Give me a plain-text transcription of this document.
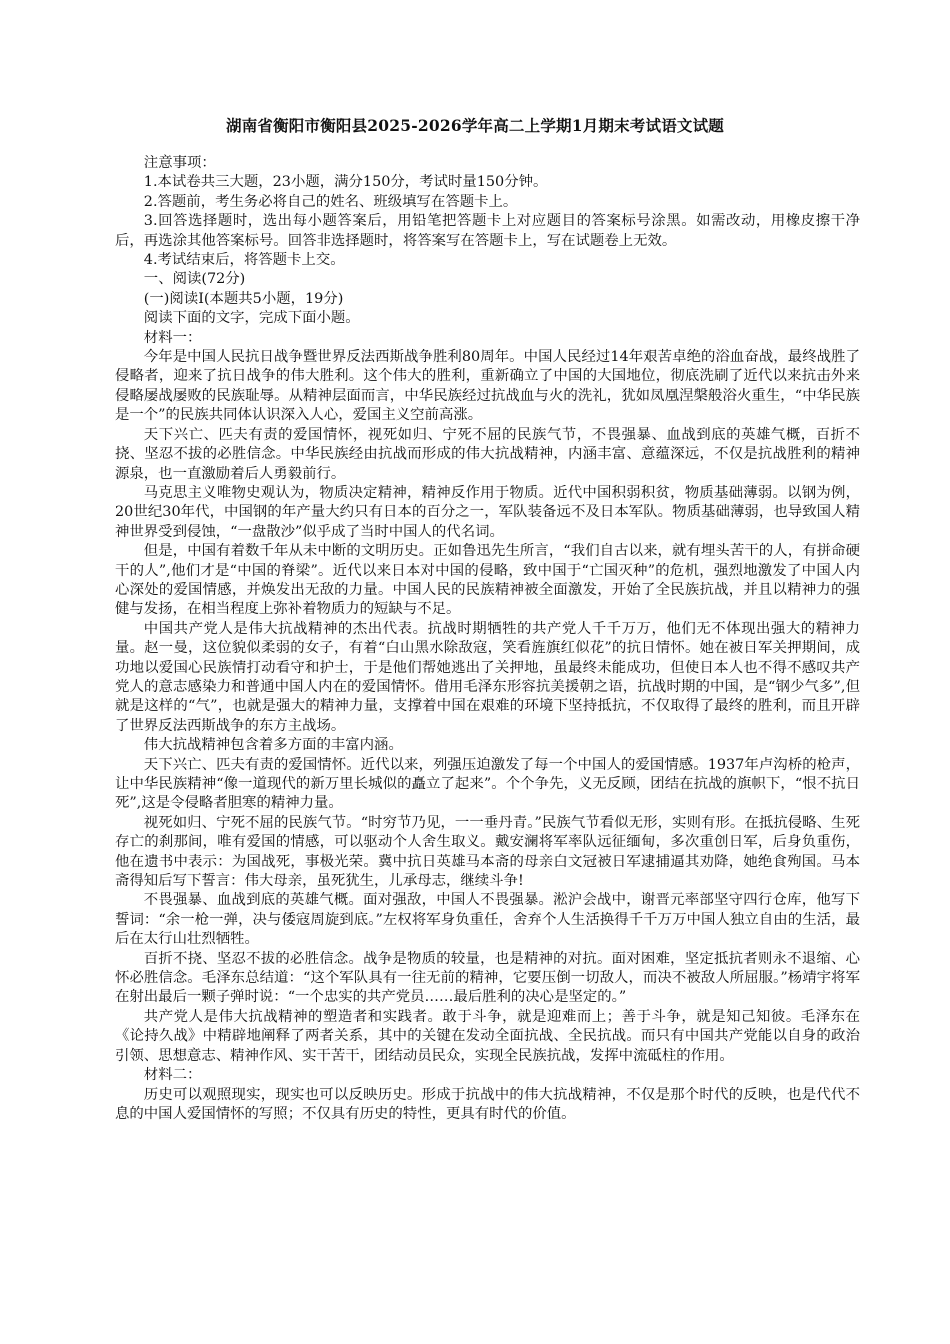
湖南省衡阳市衡阳县2025-2026学年高二上学期1月期末考试语文试题

注意事项：

1.本试卷共三大题，23小题，满分150分，考试时量150分钟。

2.答题前，考生务必将自己的姓名、班级填写在答题卡上。

3.回答选择题时，选出每小题答案后，用铅笔把答题卡上对应题目的答案标号涂黑。如需改动，用橡皮擦干净后，再选涂其他答案标号。回答非选择题时，将答案写在答题卡上，写在试题卷上无效。

4.考试结束后，将答题卡上交。

一、阅读(72分)

(一)阅读Ⅰ(本题共5小题，19分)

阅读下面的文字，完成下面小题。

材料一：

今年是中国人民抗日战争暨世界反法西斯战争胜利80周年。中国人民经过14年艰苦卓绝的浴血奋战，最终战胜了侵略者，迎来了抗日战争的伟大胜利。这个伟大的胜利，重新确立了中国的大国地位，彻底洗刷了近代以来抗击外来侵略屡战屡败的民族耻辱。从精神层面而言，中华民族经过抗战血与火的洗礼，犹如凤凰涅槃般浴火重生，“中华民族是一个”的民族共同体认识深入人心，爱国主义空前高涨。

天下兴亡、匹夫有责的爱国情怀，视死如归、宁死不屈的民族气节，不畏强暴、血战到底的英雄气概，百折不挠、坚忍不拔的必胜信念。中华民族经由抗战而形成的伟大抗战精神，内涵丰富、意蕴深远，不仅是抗战胜利的精神源泉，也一直激励着后人勇毅前行。

马克思主义唯物史观认为，物质决定精神，精神反作用于物质。近代中国积弱积贫，物质基础薄弱。以钢为例，20世纪30年代，中国钢的年产量大约只有日本的百分之一，军队装备远不及日本军队。物质基础薄弱，也导致国人精神世界受到侵蚀，“一盘散沙”似乎成了当时中国人的代名词。

但是，中国有着数千年从未中断的文明历史。正如鲁迅先生所言，“我们自古以来，就有埋头苦干的人，有拼命硬干的人”,他们才是“中国的脊梁”。近代以来日本对中国的侵略，致中国于“亡国灭种”的危机，强烈地激发了中国人内心深处的爱国情感，并焕发出无敌的力量。中国人民的民族精神被全面激发，开始了全民族抗战，并且以精神力的强健与发扬，在相当程度上弥补着物质力的短缺与不足。

中国共产党人是伟大抗战精神的杰出代表。抗战时期牺牲的共产党人千千万万，他们无不体现出强大的精神力量。赵一曼，这位貌似柔弱的女子，有着“白山黑水除敌寇，笑看旌旗红似花”的抗日情怀。她在被日军关押期间，成功地以爱国心民族情打动看守和护士，于是他们帮她逃出了关押地，虽最终未能成功，但使日本人也不得不感叹共产党人的意志感染力和普通中国人内在的爱国情怀。借用毛泽东形容抗美援朝之语，抗战时期的中国，是“钢少气多”,但就是这样的“气”，也就是强大的精神力量，支撑着中国在艰难的环境下坚持抵抗，不仅取得了最终的胜利，而且开辟了世界反法西斯战争的东方主战场。

伟大抗战精神包含着多方面的丰富内涵。

天下兴亡、匹夫有责的爱国情怀。近代以来，列强压迫激发了每一个中国人的爱国情感。1937年卢沟桥的枪声，让中华民族精神“像一道现代的新万里长城似的矗立了起来”。个个争先，义无反顾，团结在抗战的旗帜下，“恨不抗日死”,这是令侵略者胆寒的精神力量。

视死如归、宁死不屈的民族气节。“时穷节乃见，一一垂丹青。”民族气节看似无形，实则有形。在抵抗侵略、生死存亡的刹那间，唯有爱国的情感，可以驱动个人舍生取义。戴安澜将军率队远征缅甸，多次重创日军，后身负重伤，他在遗书中表示：为国战死，事极光荣。冀中抗日英雄马本斋的母亲白文冠被日军逮捕逼其劝降，她绝食殉国。马本斋得知后写下誓言：伟大母亲，虽死犹生，儿承母志，继续斗争!

不畏强暴、血战到底的英雄气概。面对强敌，中国人不畏强暴。淞沪会战中，谢晋元率部坚守四行仓库，他写下誓词：“余一枪一弹，决与倭寇周旋到底。”左权将军身负重任，舍弃个人生活换得千千万万中国人独立自由的生活，最后在太行山壮烈牺牲。

百折不挠、坚忍不拔的必胜信念。战争是物质的较量，也是精神的对抗。面对困难，坚定抵抗者则永不退缩、心怀必胜信念。毛泽东总结道：“这个军队具有一往无前的精神，它要压倒一切敌人，而决不被敌人所屈服。”杨靖宇将军在射出最后一颗子弹时说：“一个忠实的共产党员……最后胜利的决心是坚定的。”

共产党人是伟大抗战精神的塑造者和实践者。敢于斗争，就是迎难而上；善于斗争，就是知己知彼。毛泽东在《论持久战》中精辟地阐释了两者关系，其中的关键在发动全面抗战、全民抗战。而只有中国共产党能以自身的政治引领、思想意志、精神作风、实干苦干，团结动员民众，实现全民族抗战，发挥中流砥柱的作用。

材料二：

历史可以观照现实，现实也可以反映历史。形成于抗战中的伟大抗战精神，不仅是那个时代的反映，也是代代不息的中国人爱国情怀的写照；不仅具有历史的特性，更具有时代的价值。
